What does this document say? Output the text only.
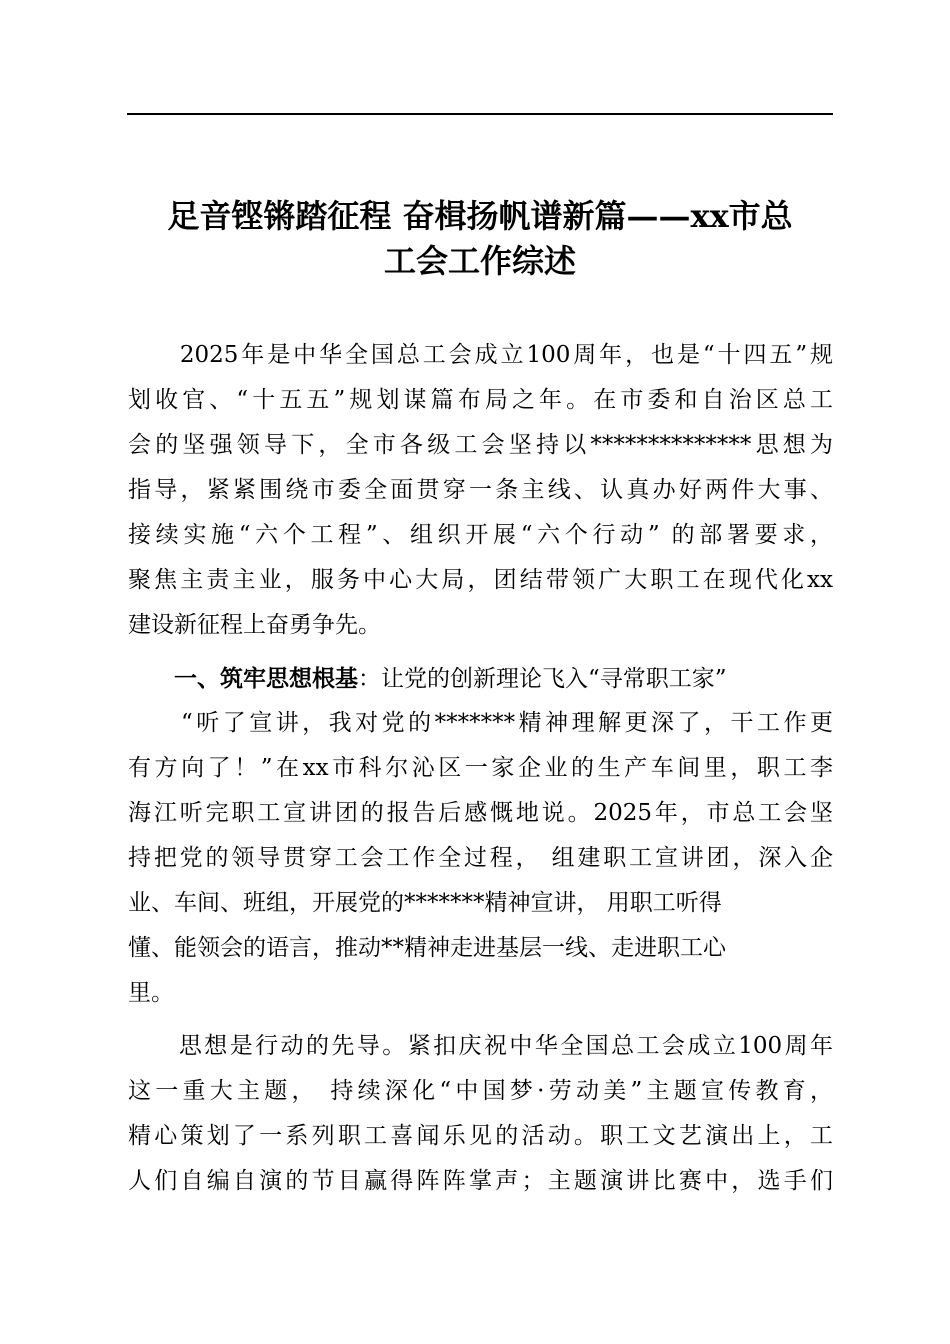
足音铿锵踏征程 奋楫扬帆谱新篇——xx市总
工会工作综述
　　2025年是中华全国总工会成立100周年，也是“十四五”规
划收官、“十五五”规划谋篇布局之年。在市委和自治区总工
会的坚强领导下，全市各级工会坚持以**************思想为
指导，紧紧围绕市委全面贯穿一条主线、认真办好两件大事、
接续实施“六个工程”、组织开展“六个行动” 的部署要求，
聚焦主责主业，服务中心大局，团结带领广大职工在现代化xx
建设新征程上奋勇争先。
　　一、筑牢思想根基：让党的创新理论飞入“寻常职工家”
　　“听了宣讲，我对党的*******精神理解更深了，干工作更
有方向了！”在xx市科尔沁区一家企业的生产车间里，职工李
海江听完职工宣讲团的报告后感慨地说。2025年，市总工会坚
持把党的领导贯穿工会工作全过程， 组建职工宣讲团，深入企
业、车间、班组，开展党的*******精神宣讲， 用职工听得
懂、能领会的语言，推动**精神走进基层一线、走进职工心
里。
　　思想是行动的先导。紧扣庆祝中华全国总工会成立100周年
这一重大主题， 持续深化“中国梦·劳动美”主题宣传教育，
精心策划了一系列职工喜闻乐见的活动。职工文艺演出上，工
人们自编自演的节目赢得阵阵掌声；主题演讲比赛中，选手们
